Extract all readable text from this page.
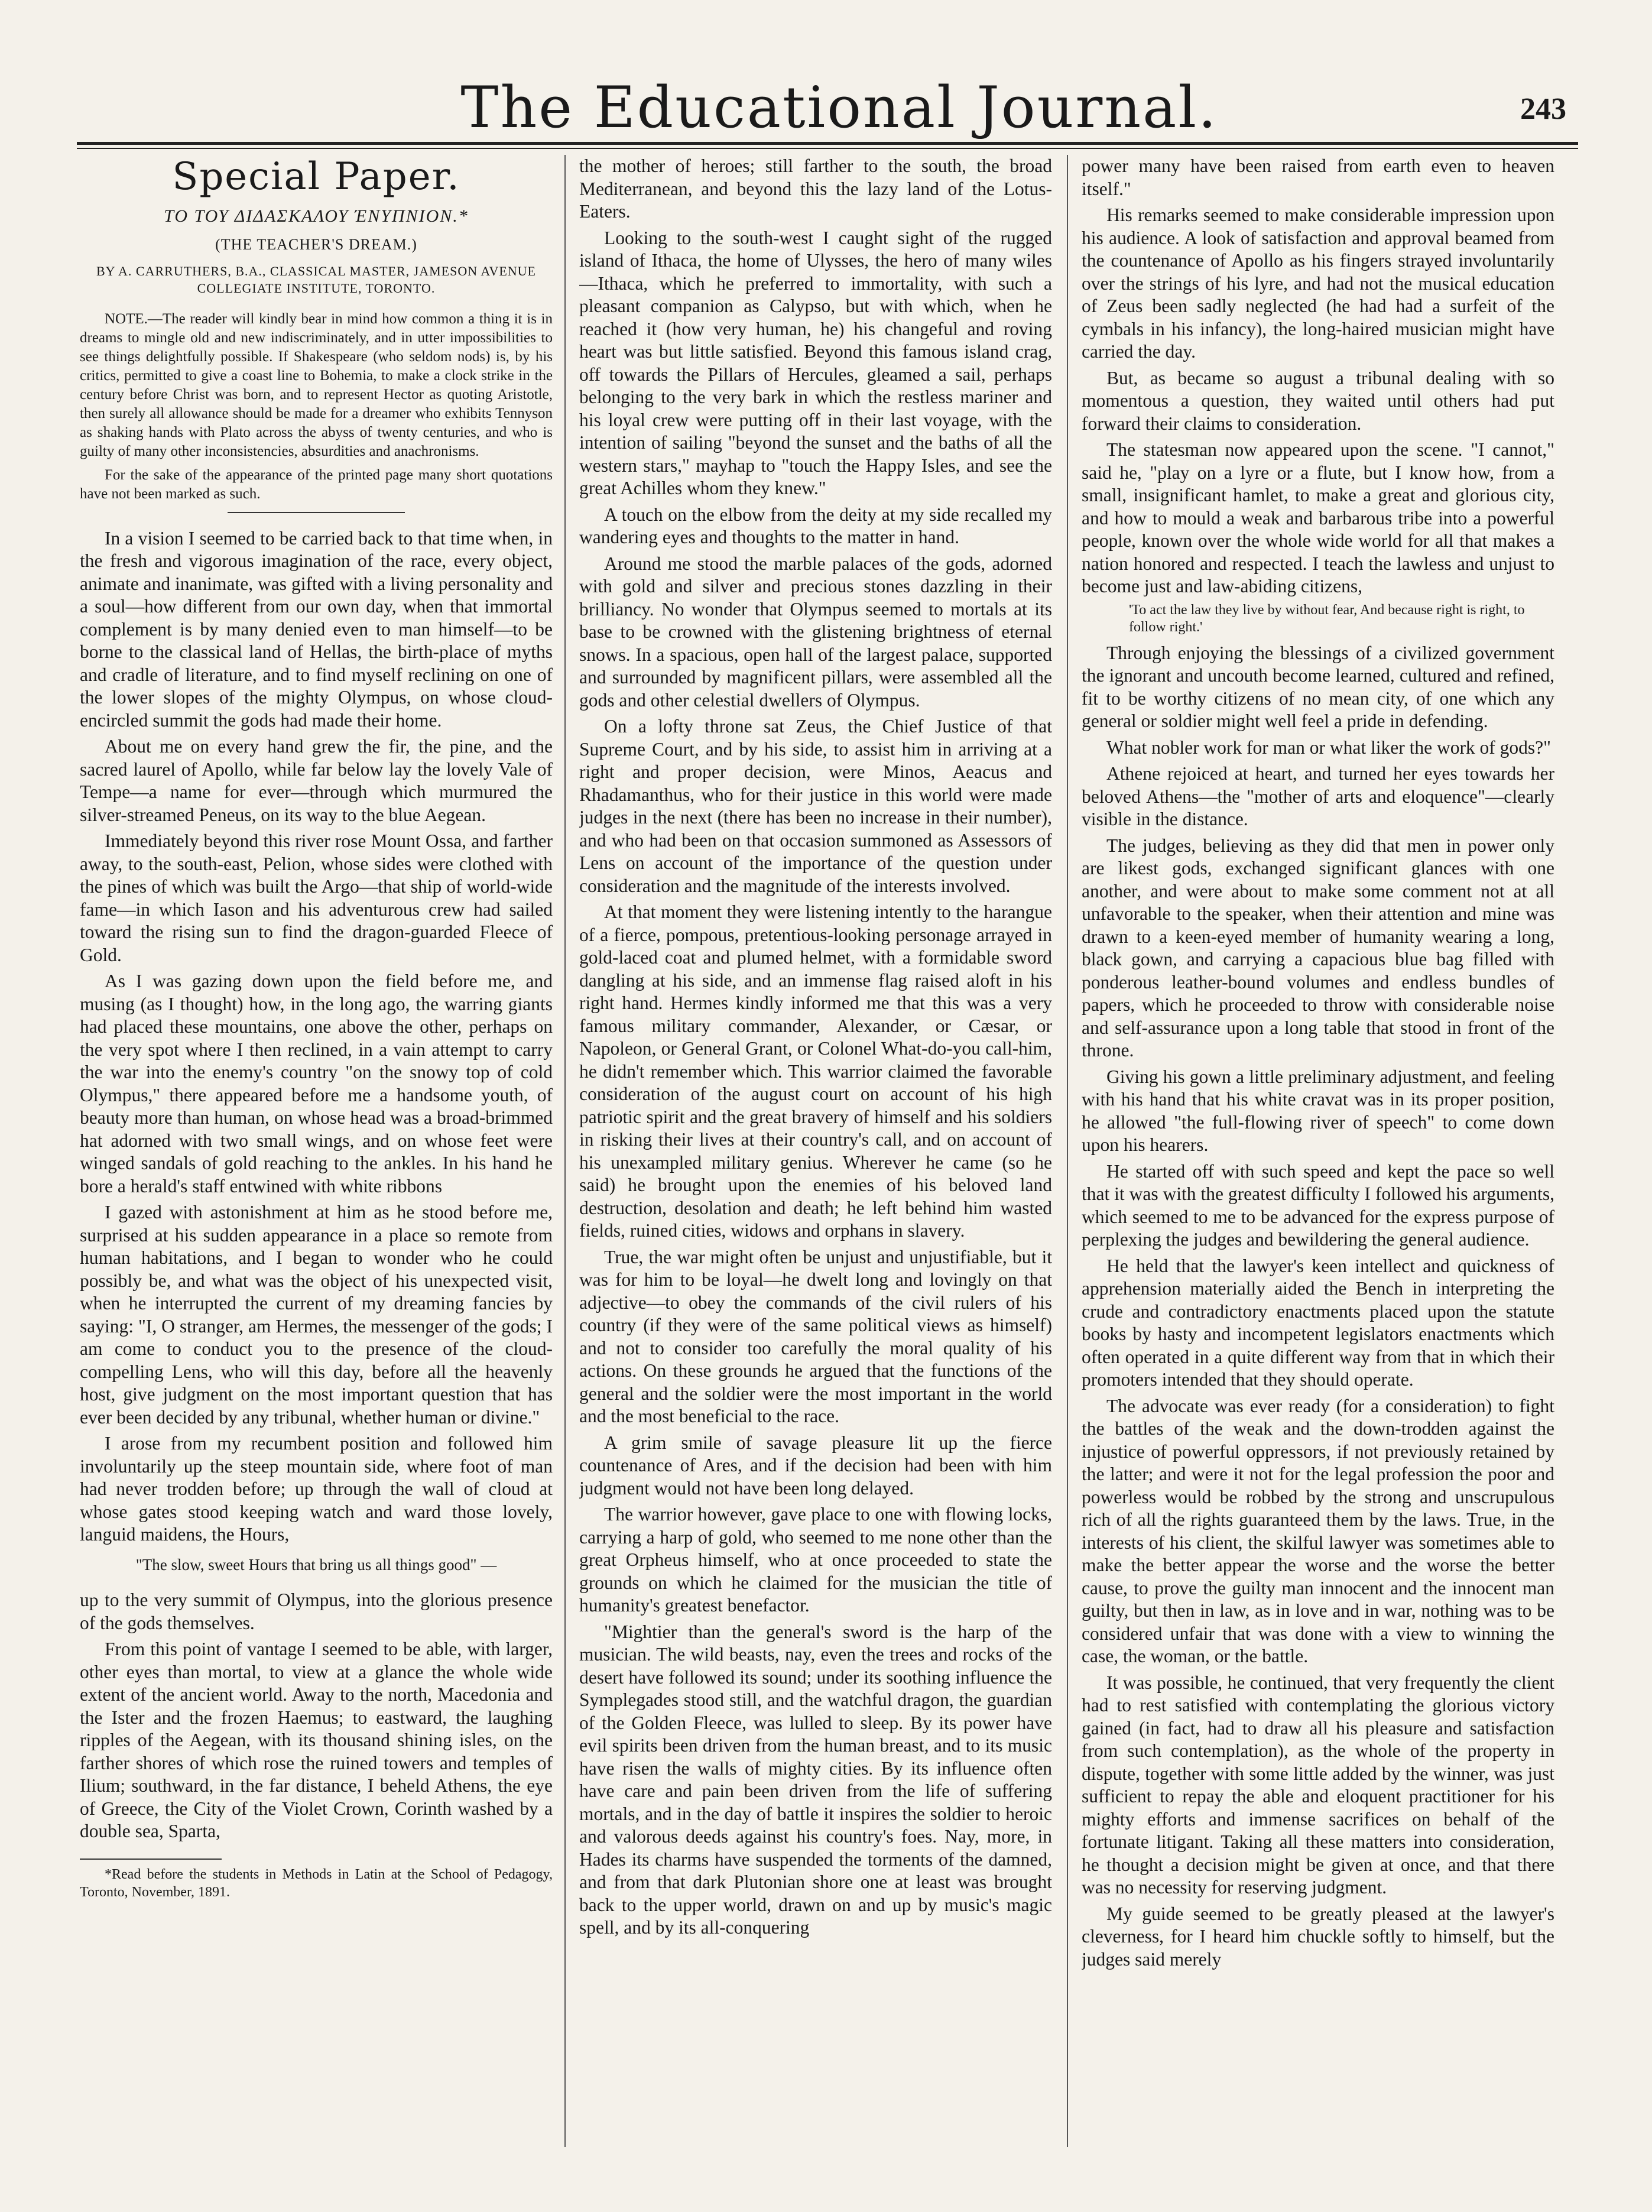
The Educational Journal.	243
Special Paper.
ΤΟ ΤΟΥ ΔΙΔΑΣΚΑΛΟΥ ΈΝΥΠΝΙΟΝ.*
(THE TEACHER'S DREAM.)
BY A. CARRUTHERS, B.A., CLASSICAL MASTER, JAMESON AVENUE COLLEGIATE INSTITUTE, TORONTO.

NOTE.—The reader will kindly bear in mind how common a thing it is in dreams to mingle old and new indiscriminately, and in utter impossibilities to see things delightfully possible. If Shakespeare (who seldom nods) is, by his critics, permitted to give a coast line to Bohemia, to make a clock strike in the century before Christ was born, and to represent Hector as quoting Aristotle, then surely all allowance should be made for a dreamer who exhibits Tennyson as shaking hands with Plato across the abyss of twenty centuries, and who is guilty of many other inconsistencies, absurdities and anachronisms.

For the sake of the appearance of the printed page many short quotations have not been marked as such.

In a vision I seemed to be carried back to that time when, in the fresh and vigorous imagination of the race, every object, animate and inanimate, was gifted with a living personality and a soul—how different from our own day, when that immortal complement is by many denied even to man himself—to be borne to the classical land of Hellas, the birth-place of myths and cradle of literature, and to find myself reclining on one of the lower slopes of the mighty Olympus, on whose cloud-encircled summit the gods had made their home.

About me on every hand grew the fir, the pine, and the sacred laurel of Apollo, while far below lay the lovely Vale of Tempe—a name for ever—through which murmured the silver-streamed Peneus, on its way to the blue Aegean.

Immediately beyond this river rose Mount Ossa, and farther away, to the south-east, Pelion, whose sides were clothed with the pines of which was built the Argo—that ship of world-wide fame—in which Iason and his adventurous crew had sailed toward the rising sun to find the dragon-guarded Fleece of Gold.

As I was gazing down upon the field before me, and musing (as I thought) how, in the long ago, the warring giants had placed these mountains, one above the other, perhaps on the very spot where I then reclined, in a vain attempt to carry the war into the enemy's country "on the snowy top of cold Olympus," there appeared before me a handsome youth, of beauty more than human, on whose head was a broad-brimmed hat adorned with two small wings, and on whose feet were winged sandals of gold reaching to the ankles. In his hand he bore a herald's staff entwined with white ribbons

I gazed with astonishment at him as he stood before me, surprised at his sudden appearance in a place so remote from human habitations, and I began to wonder who he could possibly be, and what was the object of his unexpected visit, when he interrupted the current of my dreaming fancies by saying: "I, O stranger, am Hermes, the messenger of the gods; I am come to conduct you to the presence of the cloud-compelling Lens, who will this day, before all the heavenly host, give judgment on the most important question that has ever been decided by any tribunal, whether human or divine."

I arose from my recumbent position and followed him involuntarily up the steep mountain side, where foot of man had never trodden before; up through the wall of cloud at whose gates stood keeping watch and ward those lovely, languid maidens, the Hours,

"The slow, sweet Hours that bring us all things good" —

up to the very summit of Olympus, into the glorious presence of the gods themselves.

From this point of vantage I seemed to be able, with larger, other eyes than mortal, to view at a glance the whole wide extent of the ancient world. Away to the north, Macedonia and the Ister and the frozen Haemus; to eastward, the laughing ripples of the Aegean, with its thousand shining isles, on the farther shores of which rose the ruined towers and temples of Ilium; southward, in the far distance, I beheld Athens, the eye of Greece, the City of the Violet Crown, Corinth washed by a double sea, Sparta,

*Read before the students in Methods in Latin at the School of Pedagogy, Toronto, November, 1891.

the mother of heroes; still farther to the south, the broad Mediterranean, and beyond this the lazy land of the Lotus-Eaters.

Looking to the south-west I caught sight of the rugged island of Ithaca, the home of Ulysses, the hero of many wiles—Ithaca, which he preferred to immortality, with such a pleasant companion as Calypso, but with which, when he reached it (how very human, he) his changeful and roving heart was but little satisfied. Beyond this famous island crag, off towards the Pillars of Hercules, gleamed a sail, perhaps belonging to the very bark in which the restless mariner and his loyal crew were putting off in their last voyage, with the intention of sailing "beyond the sunset and the baths of all the western stars," mayhap to "touch the Happy Isles, and see the great Achilles whom they knew."

A touch on the elbow from the deity at my side recalled my wandering eyes and thoughts to the matter in hand.

Around me stood the marble palaces of the gods, adorned with gold and silver and precious stones dazzling in their brilliancy. No wonder that Olympus seemed to mortals at its base to be crowned with the glistening brightness of eternal snows. In a spacious, open hall of the largest palace, supported and surrounded by magnificent pillars, were assembled all the gods and other celestial dwellers of Olympus.

On a lofty throne sat Zeus, the Chief Justice of that Supreme Court, and by his side, to assist him in arriving at a right and proper decision, were Minos, Aeacus and Rhadamanthus, who for their justice in this world were made judges in the next (there has been no increase in their number), and who had been on that occasion summoned as Assessors of Lens on account of the importance of the question under consideration and the magnitude of the interests involved.

At that moment they were listening intently to the harangue of a fierce, pompous, pretentious-looking personage arrayed in gold-laced coat and plumed helmet, with a formidable sword dangling at his side, and an immense flag raised aloft in his right hand. Hermes kindly informed me that this was a very famous military commander, Alexander, or Cæsar, or Napoleon, or General Grant, or Colonel What-do-you call-him, he didn't remember which. This warrior claimed the favorable consideration of the august court on account of his high patriotic spirit and the great bravery of himself and his soldiers in risking their lives at their country's call, and on account of his unexampled military genius. Wherever he came (so he said) he brought upon the enemies of his beloved land destruction, desolation and death; he left behind him wasted fields, ruined cities, widows and orphans in slavery.

True, the war might often be unjust and unjustifiable, but it was for him to be loyal—he dwelt long and lovingly on that adjective—to obey the commands of the civil rulers of his country (if they were of the same political views as himself) and not to consider too carefully the moral quality of his actions. On these grounds he argued that the functions of the general and the soldier were the most important in the world and the most beneficial to the race.

A grim smile of savage pleasure lit up the fierce countenance of Ares, and if the decision had been with him judgment would not have been long delayed.

The warrior however, gave place to one with flowing locks, carrying a harp of gold, who seemed to me none other than the great Orpheus himself, who at once proceeded to state the grounds on which he claimed for the musician the title of humanity's greatest benefactor.

"Mightier than the general's sword is the harp of the musician. The wild beasts, nay, even the trees and rocks of the desert have followed its sound; under its soothing influence the Symplegades stood still, and the watchful dragon, the guardian of the Golden Fleece, was lulled to sleep. By its power have evil spirits been driven from the human breast, and to its music have risen the walls of mighty cities. By its influence often have care and pain been driven from the life of suffering mortals, and in the day of battle it inspires the soldier to heroic and valorous deeds against his country's foes. Nay, more, in Hades its charms have suspended the torments of the damned, and from that dark Plutonian shore one at least was brought back to the upper world, drawn on and up by music's magic spell, and by its all-conquering

power many have been raised from earth even to heaven itself."

His remarks seemed to make considerable impression upon his audience. A look of satisfaction and approval beamed from the countenance of Apollo as his fingers strayed involuntarily over the strings of his lyre, and had not the musical education of Zeus been sadly neglected (he had had a surfeit of the cymbals in his infancy), the long-haired musician might have carried the day.

But, as became so august a tribunal dealing with so momentous a question, they waited until others had put forward their claims to consideration.

The statesman now appeared upon the scene. "I cannot," said he, "play on a lyre or a flute, but I know how, from a small, insignificant hamlet, to make a great and glorious city, and how to mould a weak and barbarous tribe into a powerful people, known over the whole wide world for all that makes a nation honored and respected. I teach the lawless and unjust to become just and law-abiding citizens,

'To act the law they live by without fear, And because right is right, to follow right.'

Through enjoying the blessings of a civilized government the ignorant and uncouth become learned, cultured and refined, fit to be worthy citizens of no mean city, of one which any general or soldier might well feel a pride in defending.

What nobler work for man or what liker the work of gods?"

Athene rejoiced at heart, and turned her eyes towards her beloved Athens—the "mother of arts and eloquence"—clearly visible in the distance.

The judges, believing as they did that men in power only are likest gods, exchanged significant glances with one another, and were about to make some comment not at all unfavorable to the speaker, when their attention and mine was drawn to a keen-eyed member of humanity wearing a long, black gown, and carrying a capacious blue bag filled with ponderous leather-bound volumes and endless bundles of papers, which he proceeded to throw with considerable noise and self-assurance upon a long table that stood in front of the throne.

Giving his gown a little preliminary adjustment, and feeling with his hand that his white cravat was in its proper position, he allowed "the full-flowing river of speech" to come down upon his hearers.

He started off with such speed and kept the pace so well that it was with the greatest difficulty I followed his arguments, which seemed to me to be advanced for the express purpose of perplexing the judges and bewildering the general audience.

He held that the lawyer's keen intellect and quickness of apprehension materially aided the Bench in interpreting the crude and contradictory enactments placed upon the statute books by hasty and incompetent legislators enactments which often operated in a quite different way from that in which their promoters intended that they should operate.

The advocate was ever ready (for a consideration) to fight the battles of the weak and the down-trodden against the injustice of powerful oppressors, if not previously retained by the latter; and were it not for the legal profession the poor and powerless would be robbed by the strong and unscrupulous rich of all the rights guaranteed them by the laws. True, in the interests of his client, the skilful lawyer was sometimes able to make the better appear the worse and the worse the better cause, to prove the guilty man innocent and the innocent man guilty, but then in law, as in love and in war, nothing was to be considered unfair that was done with a view to winning the case, the woman, or the battle.

It was possible, he continued, that very frequently the client had to rest satisfied with contemplating the glorious victory gained (in fact, had to draw all his pleasure and satisfaction from such contemplation), as the whole of the property in dispute, together with some little added by the winner, was just sufficient to repay the able and eloquent practitioner for his mighty efforts and immense sacrifices on behalf of the fortunate litigant. Taking all these matters into consideration, he thought a decision might be given at once, and that there was no necessity for reserving judgment.

My guide seemed to be greatly pleased at the lawyer's cleverness, for I heard him chuckle softly to himself, but the judges said merely
